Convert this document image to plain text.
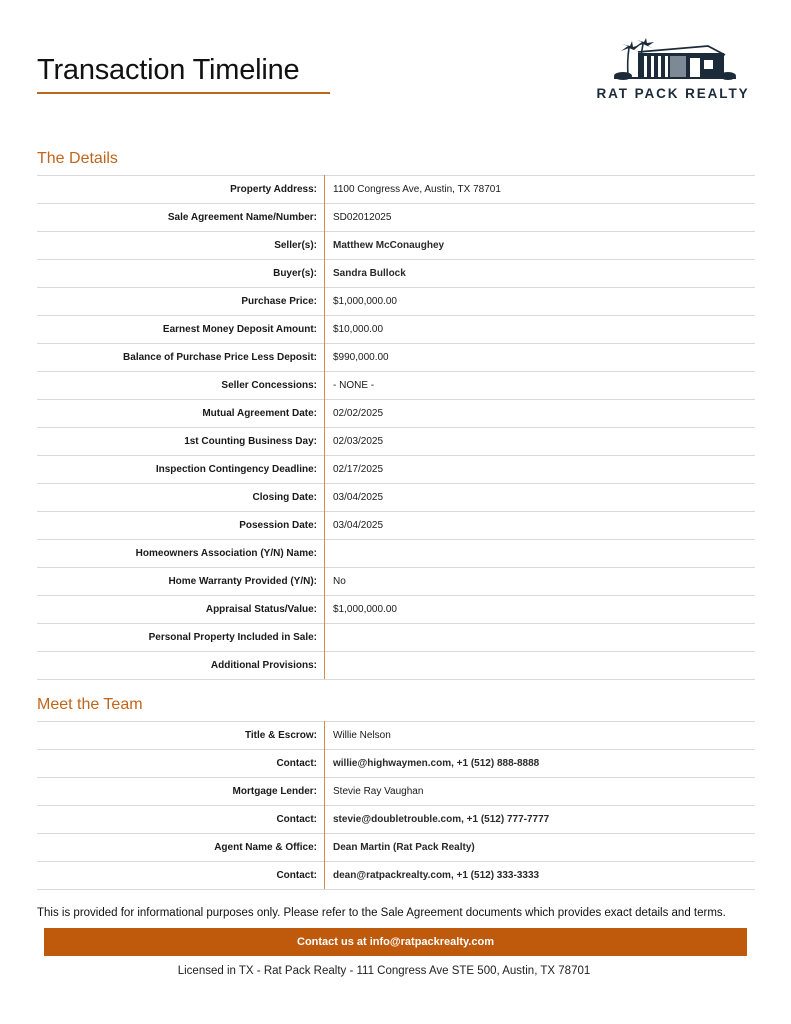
Transaction Timeline
RAT PACK REALTY
The Details
Property Address:	1100 Congress Ave, Austin, TX 78701
Sale Agreement Name/Number:	SD02012025
Seller(s):	Matthew McConaughey
Buyer(s):	Sandra Bullock
Purchase Price:	$1,000,000.00
Earnest Money Deposit Amount:	$10,000.00
Balance of Purchase Price Less Deposit:	$990,000.00
Seller Concessions:	- NONE -
Mutual Agreement Date:	02/02/2025
1st Counting Business Day:	02/03/2025
Inspection Contingency Deadline:	02/17/2025
Closing Date:	03/04/2025
Posession Date:	03/04/2025
Homeowners Association (Y/N) Name:	
Home Warranty Provided (Y/N):	No
Appraisal Status/Value:	$1,000,000.00
Personal Property Included in Sale:	
Additional Provisions:	
Meet the Team
Title & Escrow:	Willie Nelson
Contact:	willie@highwaymen.com, +1 (512) 888-8888
Mortgage Lender:	Stevie Ray Vaughan
Contact:	stevie@doubletrouble.com, +1 (512) 777-7777
Agent Name & Office:	Dean Martin (Rat Pack Realty)
Contact:	dean@ratpackrealty.com, +1 (512) 333-3333
This is provided for informational purposes only. Please refer to the Sale Agreement documents which provides exact details and terms.
Contact us at info@ratpackrealty.com
Licensed in TX - Rat Pack Realty - 111 Congress Ave STE 500, Austin, TX 78701
